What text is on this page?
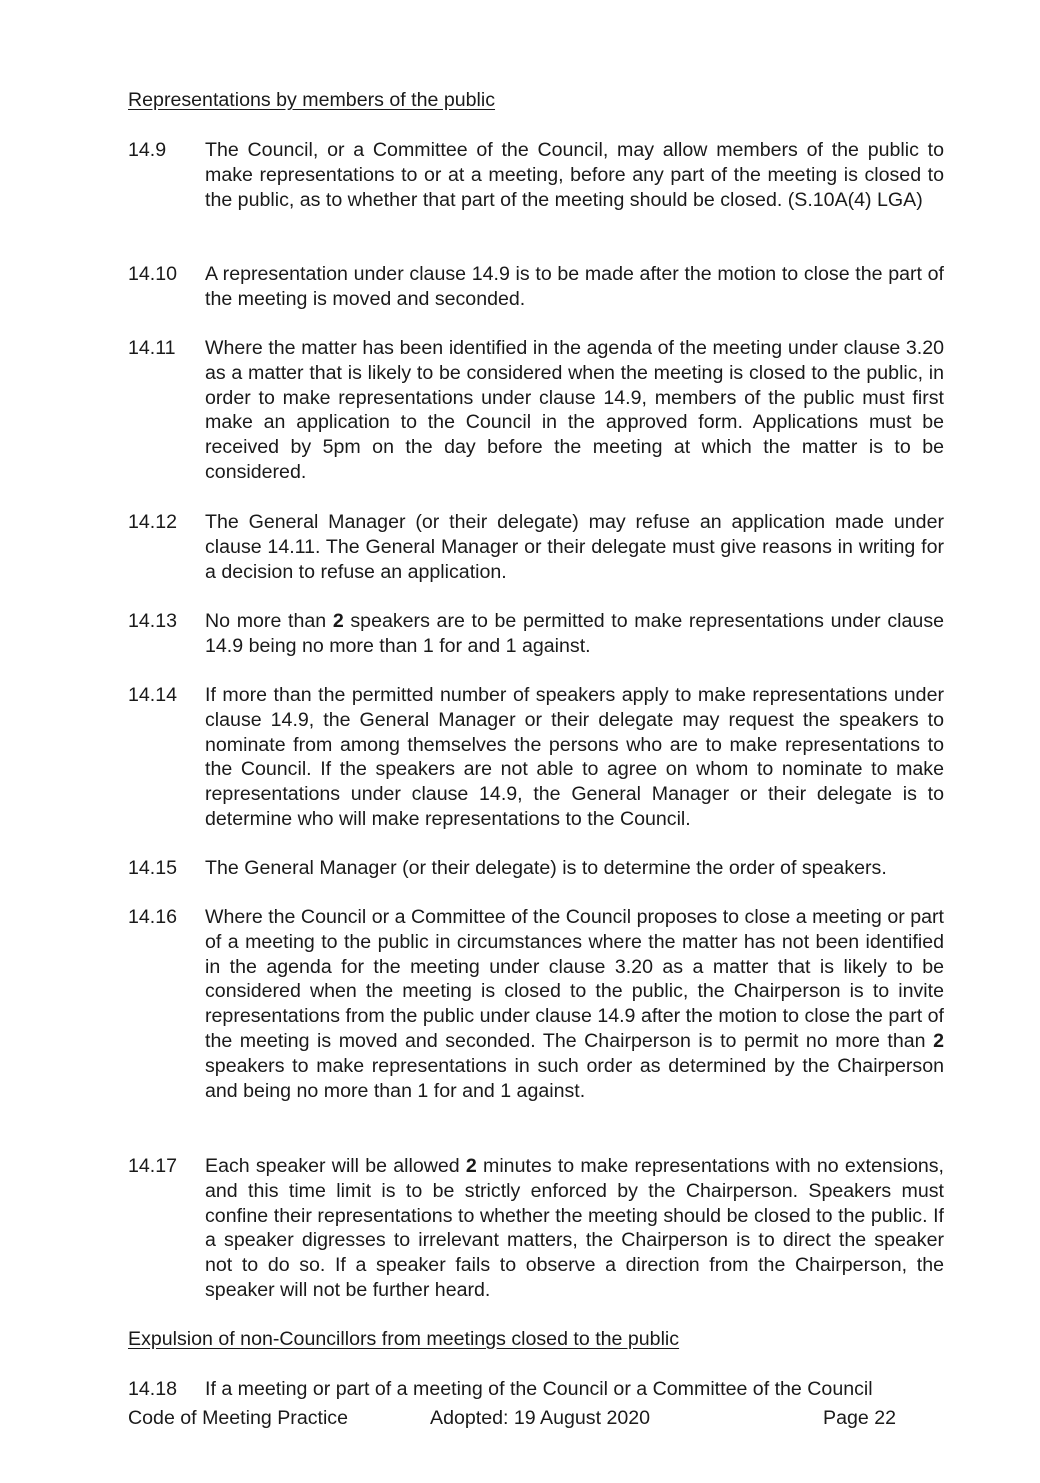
Representations by members of the public
14.9 The Council, or a Committee of the Council, may allow members of the public to make representations to or at a meeting, before any part of the meeting is closed to the public, as to whether that part of the meeting should be closed. (S.10A(4) LGA)
14.10 A representation under clause 14.9 is to be made after the motion to close the part of the meeting is moved and seconded.
14.11 Where the matter has been identified in the agenda of the meeting under clause 3.20 as a matter that is likely to be considered when the meeting is closed to the public, in order to make representations under clause 14.9, members of the public must first make an application to the Council in the approved form. Applications must be received by 5pm on the day before the meeting at which the matter is to be considered.
14.12 The General Manager (or their delegate) may refuse an application made under clause 14.11. The General Manager or their delegate must give reasons in writing for a decision to refuse an application.
14.13 No more than 2 speakers are to be permitted to make representations under clause 14.9 being no more than 1 for and 1 against.
14.14 If more than the permitted number of speakers apply to make representations under clause 14.9, the General Manager or their delegate may request the speakers to nominate from among themselves the persons who are to make representations to the Council. If the speakers are not able to agree on whom to nominate to make representations under clause 14.9, the General Manager or their delegate is to determine who will make representations to the Council.
14.15 The General Manager (or their delegate) is to determine the order of speakers.
14.16 Where the Council or a Committee of the Council proposes to close a meeting or part of a meeting to the public in circumstances where the matter has not been identified in the agenda for the meeting under clause 3.20 as a matter that is likely to be considered when the meeting is closed to the public, the Chairperson is to invite representations from the public under clause 14.9 after the motion to close the part of the meeting is moved and seconded. The Chairperson is to permit no more than 2 speakers to make representations in such order as determined by the Chairperson and being no more than 1 for and 1 against.
14.17 Each speaker will be allowed 2 minutes to make representations with no extensions, and this time limit is to be strictly enforced by the Chairperson. Speakers must confine their representations to whether the meeting should be closed to the public. If a speaker digresses to irrelevant matters, the Chairperson is to direct the speaker not to do so. If a speaker fails to observe a direction from the Chairperson, the speaker will not be further heard.
Expulsion of non-Councillors from meetings closed to the public
14.18 If a meeting or part of a meeting of the Council or a Committee of the Council
Code of Meeting Practice	Adopted: 19 August 2020	Page 22
